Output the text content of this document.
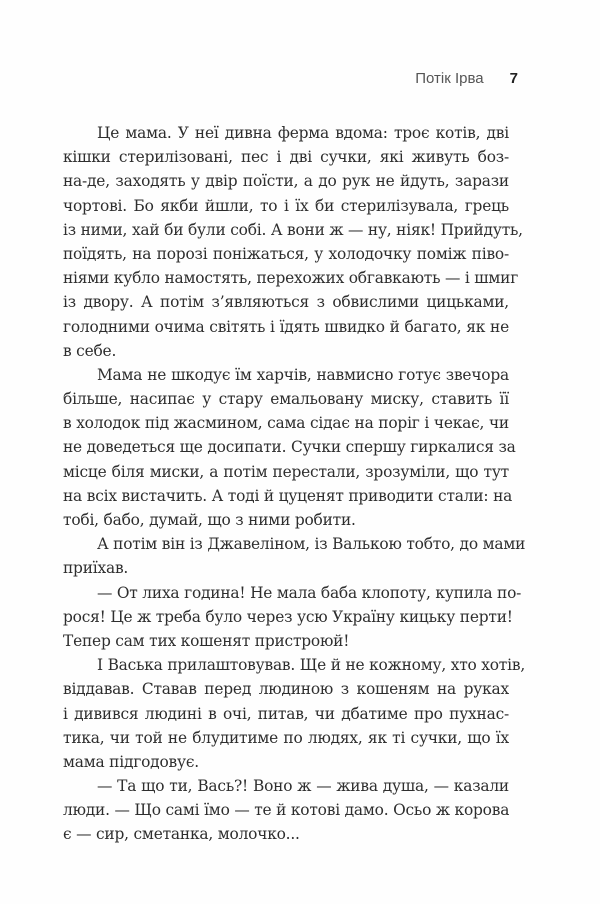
Потік Ірва 7
Це мама. У неї дивна ферма вдома: троє котів, дві
кішки стерилізовані, пес і дві сучки, які живуть боз-
на-де, заходять у двір поїсти, а до рук не йдуть, зарази
чортові. Бо якби йшли, то і їх би стерилізувала, грець
із ними, хай би були собі. А вони ж — ну, ніяк! Прийдуть,
поїдять, на порозі поніжаться, у холодочку поміж піво-
ніями кубло намостять, перехожих обгавкають — і шмиг
із двору. А потім з’являються з обвислими цицьками,
голодними очима світять і їдять швидко й багато, як не
в себе.
Мама не шкодує їм харчів, навмисно готує звечора
більше, насипає у стару емальовану миску, ставить її
в холодок під жасмином, сама сідає на поріг і чекає, чи
не доведеться ще досипати. Сучки спершу гиркалися за
місце біля миски, а потім перестали, зрозуміли, що тут
на всіх вистачить. А тоді й цуценят приводити стали: на
тобі, бабо, думай, що з ними робити.
А потім він із Джавеліном, із Валькою тобто, до мами
приїхав.
— От лиха година! Не мала баба клопоту, купила по-
рося! Це ж треба було через усю Україну кицьку перти!
Тепер сам тих кошенят пристроюй!
І Васька прилаштовував. Ще й не кожному, хто хотів,
віддавав. Ставав перед людиною з кошеням на руках
і дивився людині в очі, питав, чи дбатиме про пухнас-
тика, чи той не блудитиме по людях, як ті сучки, що їх
мама підгодовує.
— Та що ти, Вась?! Воно ж — жива душа, — казали
люди. — Що самі їмо — те й котові дамо. Осьо ж корова
є — сир, сметанка, молочко...
